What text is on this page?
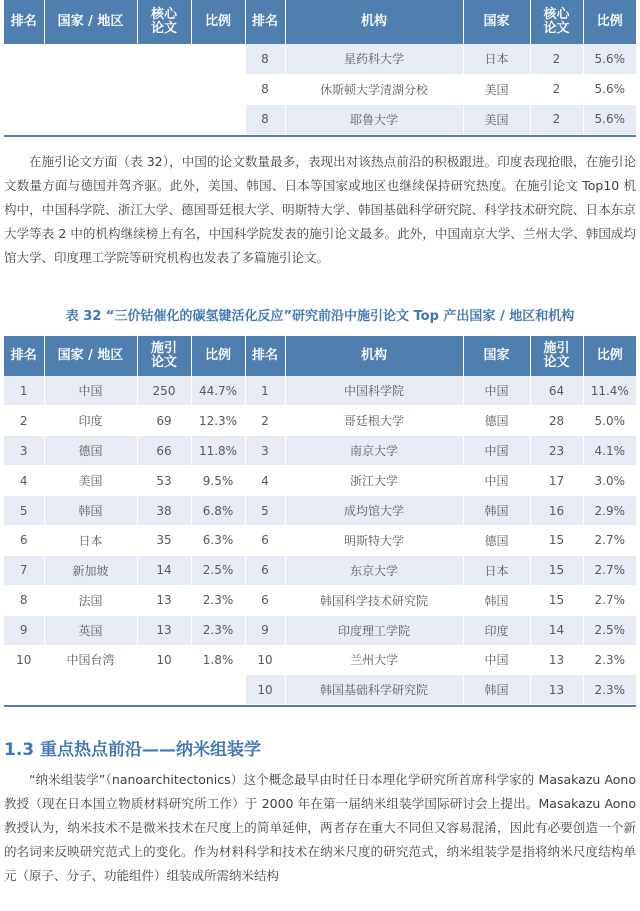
排名	国家 / 地区	核心
论文	比例	排名	机构	国家	核心
论文	比例
				8	星药科大学	日本	2	5.6%
				8	休斯顿大学清湖分校	美国	2	5.6%
				8	耶鲁大学	美国	2	5.6%

在施引论文方面（表 32），中国的论文数量最多，表现出对该热点前沿的积极跟进。印度表现抢眼，在施引论文数量方面与德国并驾齐驱。此外，美国、韩国、日本等国家或地区也继续保持研究热度。在施引论文 Top10 机构中，中国科学院、浙江大学、德国哥廷根大学、明斯特大学、韩国基础科学研究院、科学技术研究院、日本东京大学等表 2 中的机构继续榜上有名，中国科学院发表的施引论文最多。此外，中国南京大学、兰州大学、韩国成均馆大学、印度理工学院等研究机构也发表了多篇施引论文。

表 32 “三价钴催化的碳氢键活化反应”研究前沿中施引论文 Top 产出国家 / 地区和机构
排名	国家 / 地区	施引
论文	比例	排名	机构	国家	施引
论文	比例
1	中国	250	44.7%	1	中国科学院	中国	64	11.4%
2	印度	69	12.3%	2	哥廷根大学	德国	28	5.0%
3	德国	66	11.8%	3	南京大学	中国	23	4.1%
4	美国	53	9.5%	4	浙江大学	中国	17	3.0%
5	韩国	38	6.8%	5	成均馆大学	韩国	16	2.9%
6	日本	35	6.3%	6	明斯特大学	德国	15	2.7%
7	新加坡	14	2.5%	6	东京大学	日本	15	2.7%
8	法国	13	2.3%	6	韩国科学技术研究院	韩国	15	2.7%
9	英国	13	2.3%	9	印度理工学院	印度	14	2.5%
10	中国台湾	10	1.8%	10	兰州大学	中国	13	2.3%
				10	韩国基础科学研究院	韩国	13	2.3%
1.3 重点热点前沿——纳米组装学

“纳米组装学”（nanoarchitectonics）这个概念最早由时任日本理化学研究所首席科学家的 Masakazu Aono 教授（现在日本国立物质材料研究所工作）于 2000 年在第一届纳米组装学国际研讨会上提出。Masakazu Aono 教授认为，纳米技术不是微米技术在尺度上的简单延伸，两者存在重大不同但又容易混淆，因此有必要创造一个新的名词来反映研究范式上的变化。作为材料科学和技术在纳米尺度的研究范式，纳米组装学是指将纳米尺度结构单元（原子、分子、功能组件）组装成所需纳米结构
